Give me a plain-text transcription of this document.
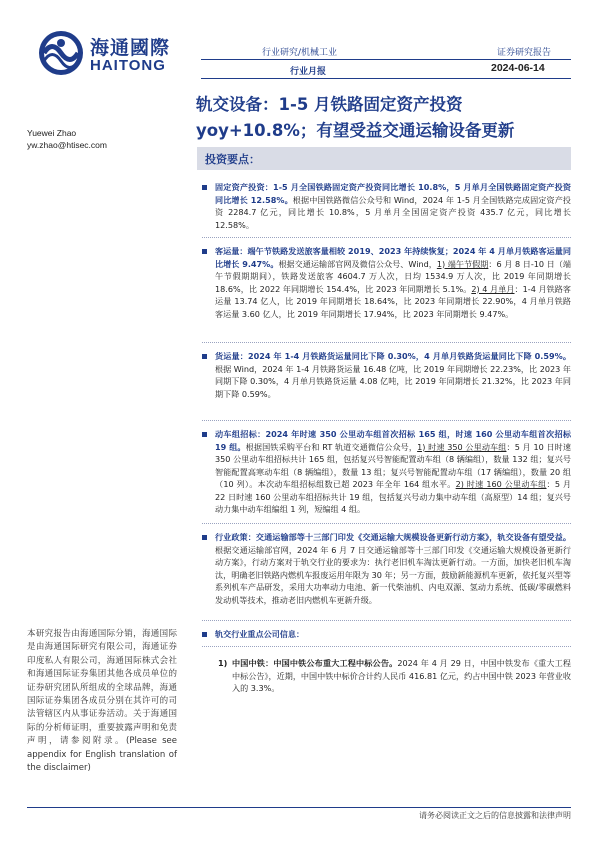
海通國際
HAITONG
行业研究/机械工业	证券研究报告
行业月报	2024-06-14
轨交设备：1-5 月铁路固定资产投资
yoy+10.8%；有望受益交通运输设备更新
Yuewei Zhao
yw.zhao@htisec.com
投资要点：
固定资产投资：1-5 月全国铁路固定资产投资同比增长 10.8%，5 月单月全国铁路固定资产投资同比增长 12.58%。根据中国铁路微信公众号和 Wind，2024 年 1-5 月全国铁路完成固定资产投资 2284.7 亿元，同比增长 10.8%，5 月单月全国固定资产投资 435.7 亿元，同比增长 12.58%。
客运量：端午节铁路发送旅客量相较 2019、2023 年持续恢复；2024 年 4 月单月铁路客运量同比增长 9.47%。根据交通运输部官网及微信公众号、Wind，1) 端午节假期：6 月 8 日-10 日（端午节假期期间），铁路发送旅客 4604.7 万人次，日均 1534.9 万人次，比 2019 年同期增长 18.6%，比 2022 年同期增长 154.4%，比 2023 年同期增长 5.1%。2) 4 月单月：1-4 月铁路客运量 13.74 亿人，比 2019 年同期增长 18.64%，比 2023 年同期增长 22.90%，4 月单月铁路客运量 3.60 亿人，比 2019 年同期增长 17.94%，比 2023 年同期增长 9.47%。
货运量：2024 年 1-4 月铁路货运量同比下降 0.30%，4 月单月铁路货运量同比下降 0.59%。根据 Wind，2024 年 1-4 月铁路货运量 16.48 亿吨，比 2019 年同期增长 22.23%，比 2023 年同期下降 0.30%，4 月单月铁路货运量 4.08 亿吨，比 2019 年同期增长 21.32%，比 2023 年同期下降 0.59%。
动车组招标：2024 年时速 350 公里动车组首次招标 165 组，时速 160 公里动车组首次招标 19 组。根据国铁采购平台和 RT 轨道交通微信公众号，1) 时速 350 公里动车组：5 月 10 日时速 350 公里动车组招标共计 165 组，包括复兴号智能配置动车组（8 辆编组），数量 132 组；复兴号智能配置高寒动车组（8 辆编组），数量 13 组；复兴号智能配置动车组（17 辆编组），数量 20 组（10 列）。本次动车组招标组数已超 2023 年全年 164 组水平。2) 时速 160 公里动车组：5 月 22 日时速 160 公里动车组招标共计 19 组，包括复兴号动力集中动车组（高原型）14 组；复兴号动力集中动车组编组 1 列，短编组 4 组。
行业政策：交通运输部等十三部门印发《交通运输大规模设备更新行动方案》，轨交设备有望受益。根据交通运输部官网，2024 年 6 月 7 日交通运输部等十三部门印发《交通运输大规模设备更新行动方案》，行动方案对于轨交行业的要求为：执行老旧机车淘汰更新行动。一方面，加快老旧机车淘汰，明确老旧铁路内燃机车报废运用年限为 30 年；另一方面，鼓励新能源机车更新，依托复兴型等系列机车产品研发，采用大功率动力电池、新一代柴油机、内电双源、氢动力系统、低碳/零碳燃料发动机等技术，推动老旧内燃机车更新升级。
轨交行业重点公司信息：
1) 中国中铁：中国中铁公布重大工程中标公告。2024 年 4 月 29 日，中国中铁发布《重大工程中标公告》，近期，中国中铁中标价合计约人民币 416.81 亿元，约占中国中铁 2023 年营业收入的 3.3%。
本研究报告由海通国际分销，海通国际是由海通国际研究有限公司，海通证券印度私人有限公司，海通国际株式会社和海通国际证券集团其他各成员单位的证券研究团队所组成的全球品牌，海通国际证券集团各成员分别在其许可的司法管辖区内从事证券活动。关于海通国际的分析师证明，重要披露声明和免责声明，请参阅附录。(Please see appendix for English translation of the disclaimer)
请务必阅读正文之后的信息披露和法律声明
